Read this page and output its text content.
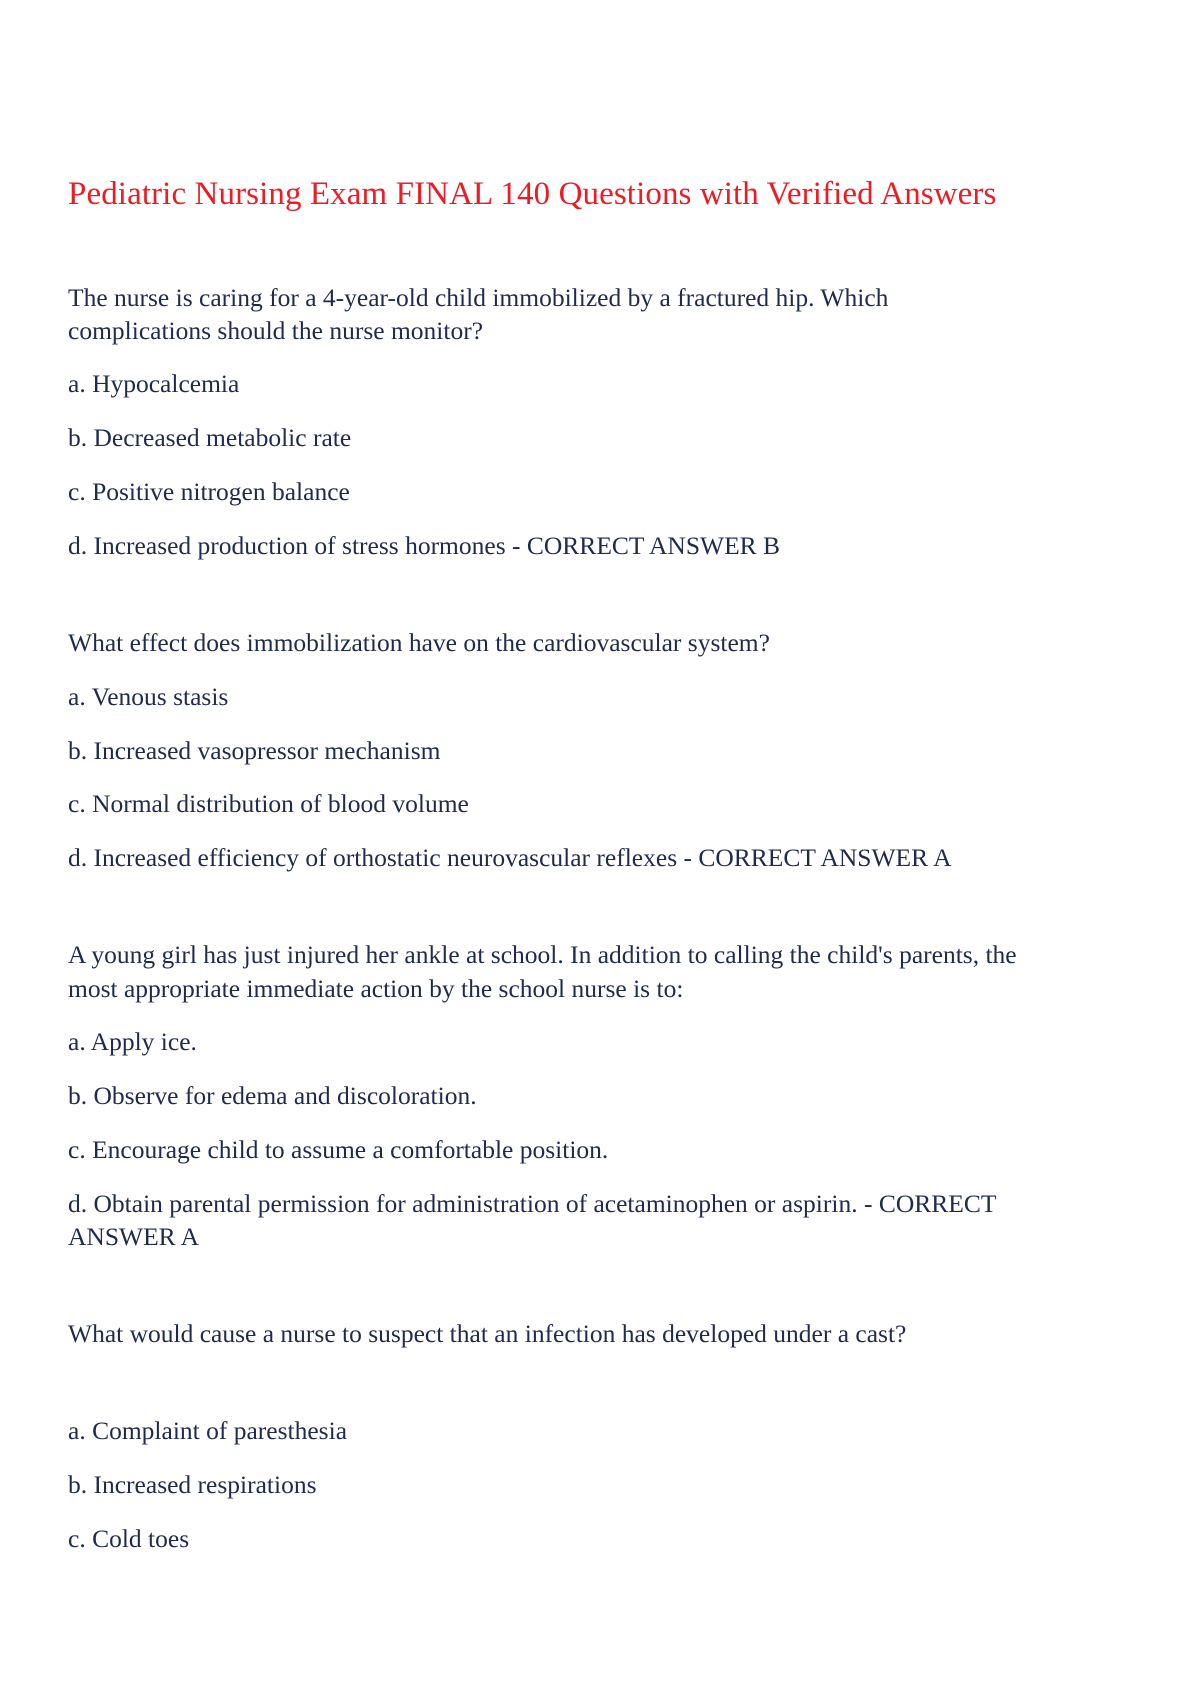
Pediatric Nursing Exam FINAL 140 Questions with Verified Answers
The nurse is caring for a 4-year-old child immobilized by a fractured hip. Which
complications should the nurse monitor?
a. Hypocalcemia
b. Decreased metabolic rate
c. Positive nitrogen balance
d. Increased production of stress hormones - CORRECT ANSWER B
What effect does immobilization have on the cardiovascular system?
a. Venous stasis
b. Increased vasopressor mechanism
c. Normal distribution of blood volume
d. Increased efficiency of orthostatic neurovascular reflexes - CORRECT ANSWER A
A young girl has just injured her ankle at school. In addition to calling the child's parents, the
most appropriate immediate action by the school nurse is to:
a. Apply ice.
b. Observe for edema and discoloration.
c. Encourage child to assume a comfortable position.
d. Obtain parental permission for administration of acetaminophen or aspirin. - CORRECT
ANSWER A
What would cause a nurse to suspect that an infection has developed under a cast?
a. Complaint of paresthesia
b. Increased respirations
c. Cold toes
